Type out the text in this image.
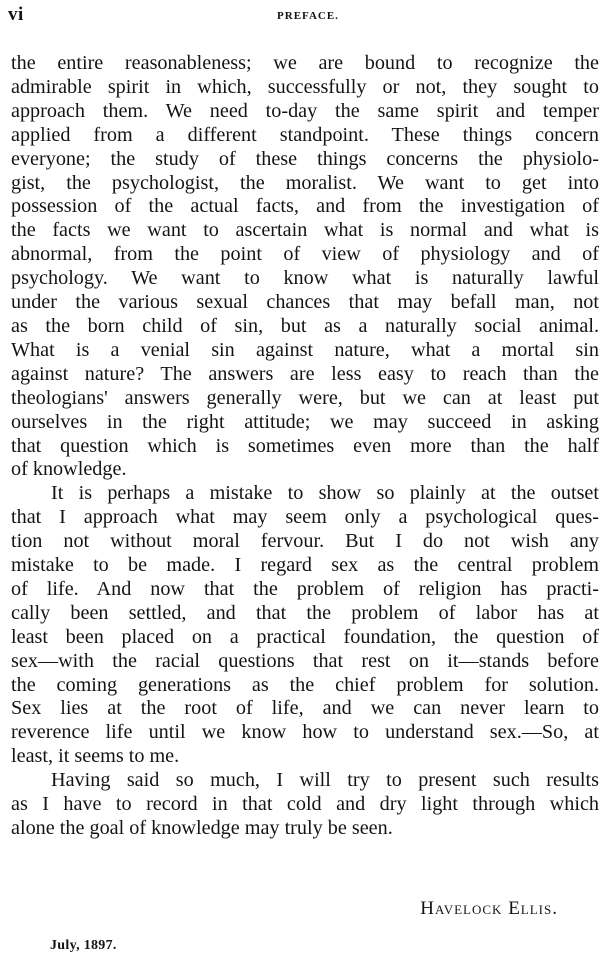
vi	PREFACE.

the entire reasonableness; we are bound to recognize the
admirable spirit in which, successfully or not, they sought to
approach them. We need to-day the same spirit and temper
applied from a different standpoint. These things concern
everyone; the study of these things concerns the physiolo-
gist, the psychologist, the moralist. We want to get into
possession of the actual facts, and from the investigation of
the facts we want to ascertain what is normal and what is
abnormal, from the point of view of physiology and of
psychology. We want to know what is naturally lawful
under the various sexual chances that may befall man, not
as the born child of sin, but as a naturally social animal.
What is a venial sin against nature, what a mortal sin
against nature? The answers are less easy to reach than the
theologians' answers generally were, but we can at least put
ourselves in the right attitude; we may succeed in asking
that question which is sometimes even more than the half
of knowledge.

It is perhaps a mistake to show so plainly at the outset
that I approach what may seem only a psychological ques-
tion not without moral fervour. But I do not wish any
mistake to be made. I regard sex as the central problem
of life. And now that the problem of religion has practi-
cally been settled, and that the problem of labor has at
least been placed on a practical foundation, the question of
sex—with the racial questions that rest on it—stands before
the coming generations as the chief problem for solution.
Sex lies at the root of life, and we can never learn to
reverence life until we know how to understand sex.—So, at
least, it seems to me.

Having said so much, I will try to present such results
as I have to record in that cold and dry light through which
alone the goal of knowledge may truly be seen.

Havelock Ellis.
July, 1897.
